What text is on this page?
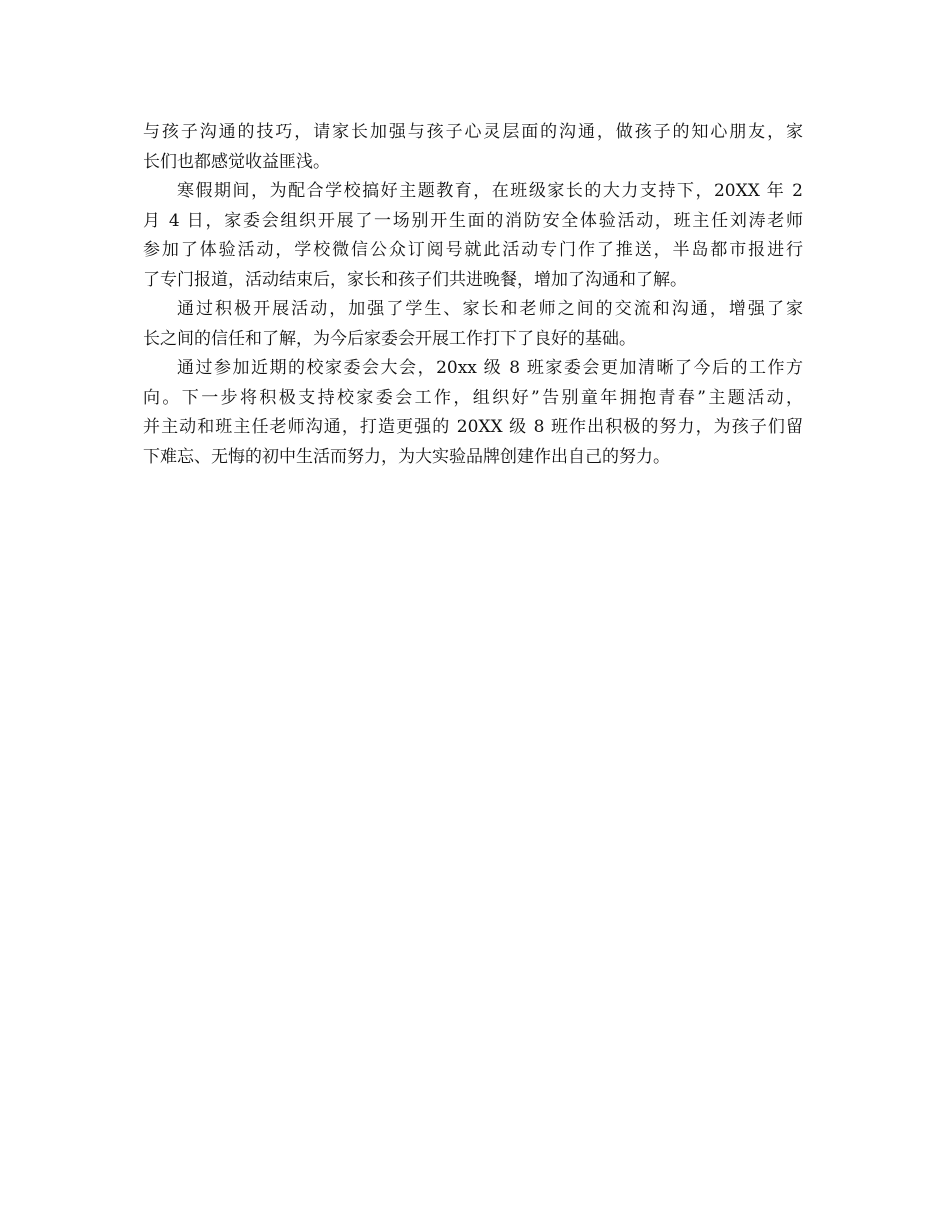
与孩子沟通的技巧，请家长加强与孩子心灵层面的沟通，做孩子的知心朋友，家
长们也都感觉收益匪浅。
寒假期间，为配合学校搞好主题教育，在班级家长的大力支持下，20XX 年 2
月 4 日，家委会组织开展了一场别开生面的消防安全体验活动，班主任刘涛老师
参加了体验活动，学校微信公众订阅号就此活动专门作了推送，半岛都市报进行
了专门报道，活动结束后，家长和孩子们共进晚餐，增加了沟通和了解。
通过积极开展活动，加强了学生、家长和老师之间的交流和沟通，增强了家
长之间的信任和了解，为今后家委会开展工作打下了良好的基础。
通过参加近期的校家委会大会，20xx 级 8 班家委会更加清晰了今后的工作方
向。下一步将积极支持校家委会工作，组织好”告别童年拥抱青春”主题活动，
并主动和班主任老师沟通，打造更强的 20XX 级 8 班作出积极的努力，为孩子们留
下难忘、无悔的初中生活而努力，为大实验品牌创建作出自己的努力。
